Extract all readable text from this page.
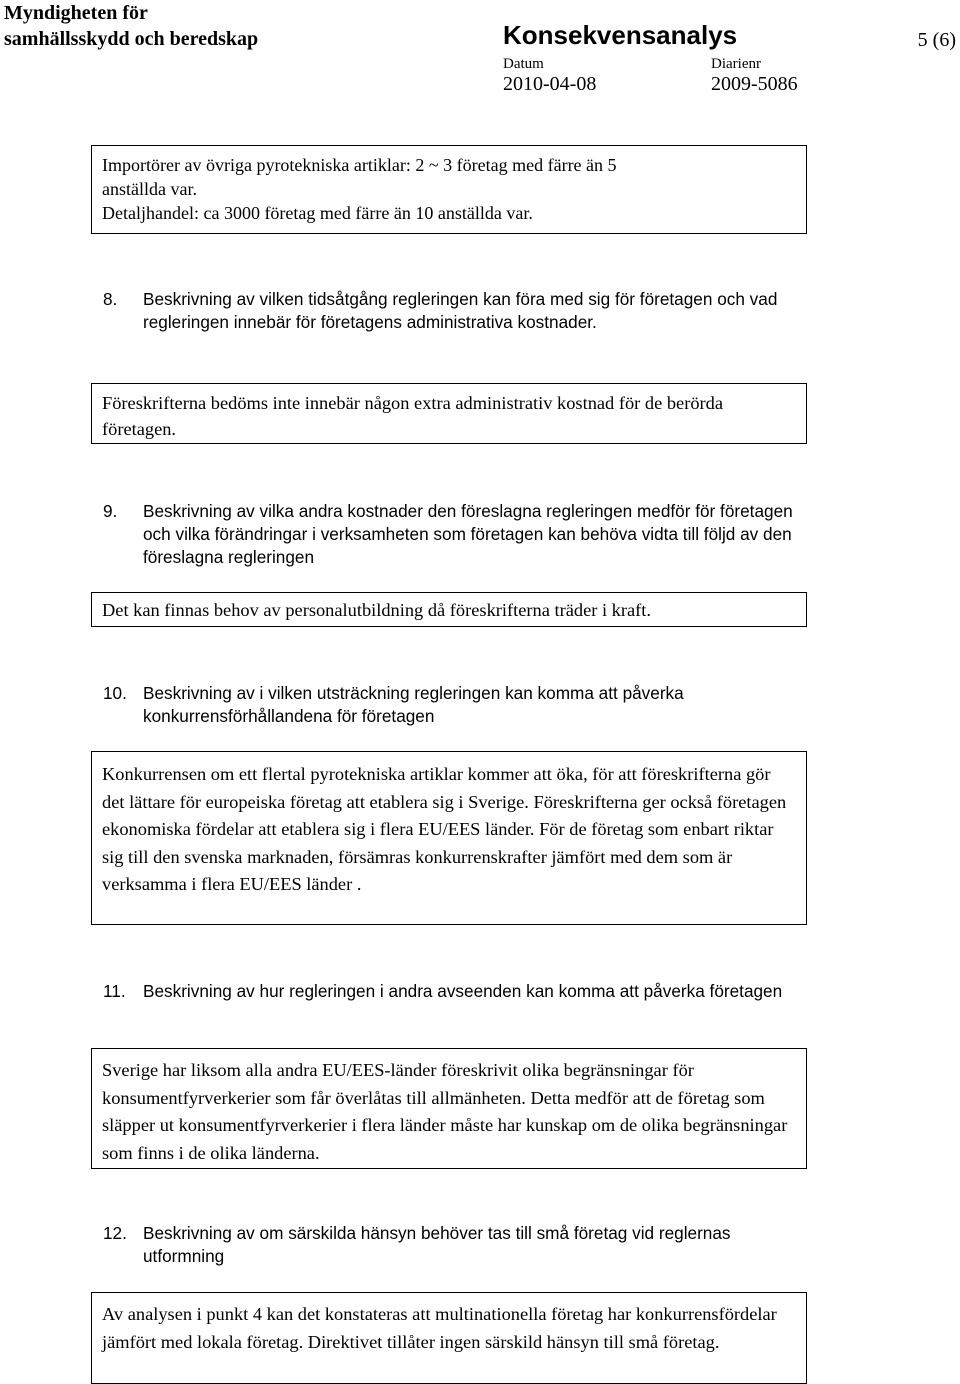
Myndigheten för
samhällsskydd och beredskap	Konsekvensanalys	5 (6)
Datum
2010-04-08
Diarienr
2009-5086

Importörer av övriga pyrotekniska artiklar: 2 ~ 3 företag med färre än 5

anställda var.

Detaljhandel: ca 3000 företag med färre än 10 anställda var.

8. Beskrivning av vilken tidsåtgång regleringen kan föra med sig för företagen och vad regleringen innebär för företagens administrativa kostnader.

Föreskrifterna bedöms inte innebär någon extra administrativ kostnad för de berörda företagen.

9. Beskrivning av vilka andra kostnader den föreslagna regleringen medför för företagen och vilka förändringar i verksamheten som företagen kan behöva vidta till följd av den föreslagna regleringen

Det kan finnas behov av personalutbildning då föreskrifterna träder i kraft.

10. Beskrivning av i vilken utsträckning regleringen kan komma att påverka konkurrensförhållandena för företagen

Konkurrensen om ett flertal pyrotekniska artiklar kommer att öka, för att föreskrifterna gör det lättare för europeiska företag att etablera sig i Sverige. Föreskrifterna ger också företagen ekonomiska fördelar att etablera sig i flera EU/EES länder. För de företag som enbart riktar sig till den svenska marknaden, försämras konkurrenskrafter jämfört med dem som är verksamma i flera EU/EES länder .

11. Beskrivning av hur regleringen i andra avseenden kan komma att påverka företagen

Sverige har liksom alla andra EU/EES-länder föreskrivit olika begränsningar för konsumentfyrverkerier som får överlåtas till allmänheten. Detta medför att de företag som släpper ut konsumentfyrverkerier i flera länder måste har kunskap om de olika begränsningar som finns i de olika länderna.

12. Beskrivning av om särskilda hänsyn behöver tas till små företag vid reglernas utformning

Av analysen i punkt 4 kan det konstateras att multinationella företag har konkurrensfördelar jämfört med lokala företag. Direktivet tillåter ingen särskild hänsyn till små företag.
